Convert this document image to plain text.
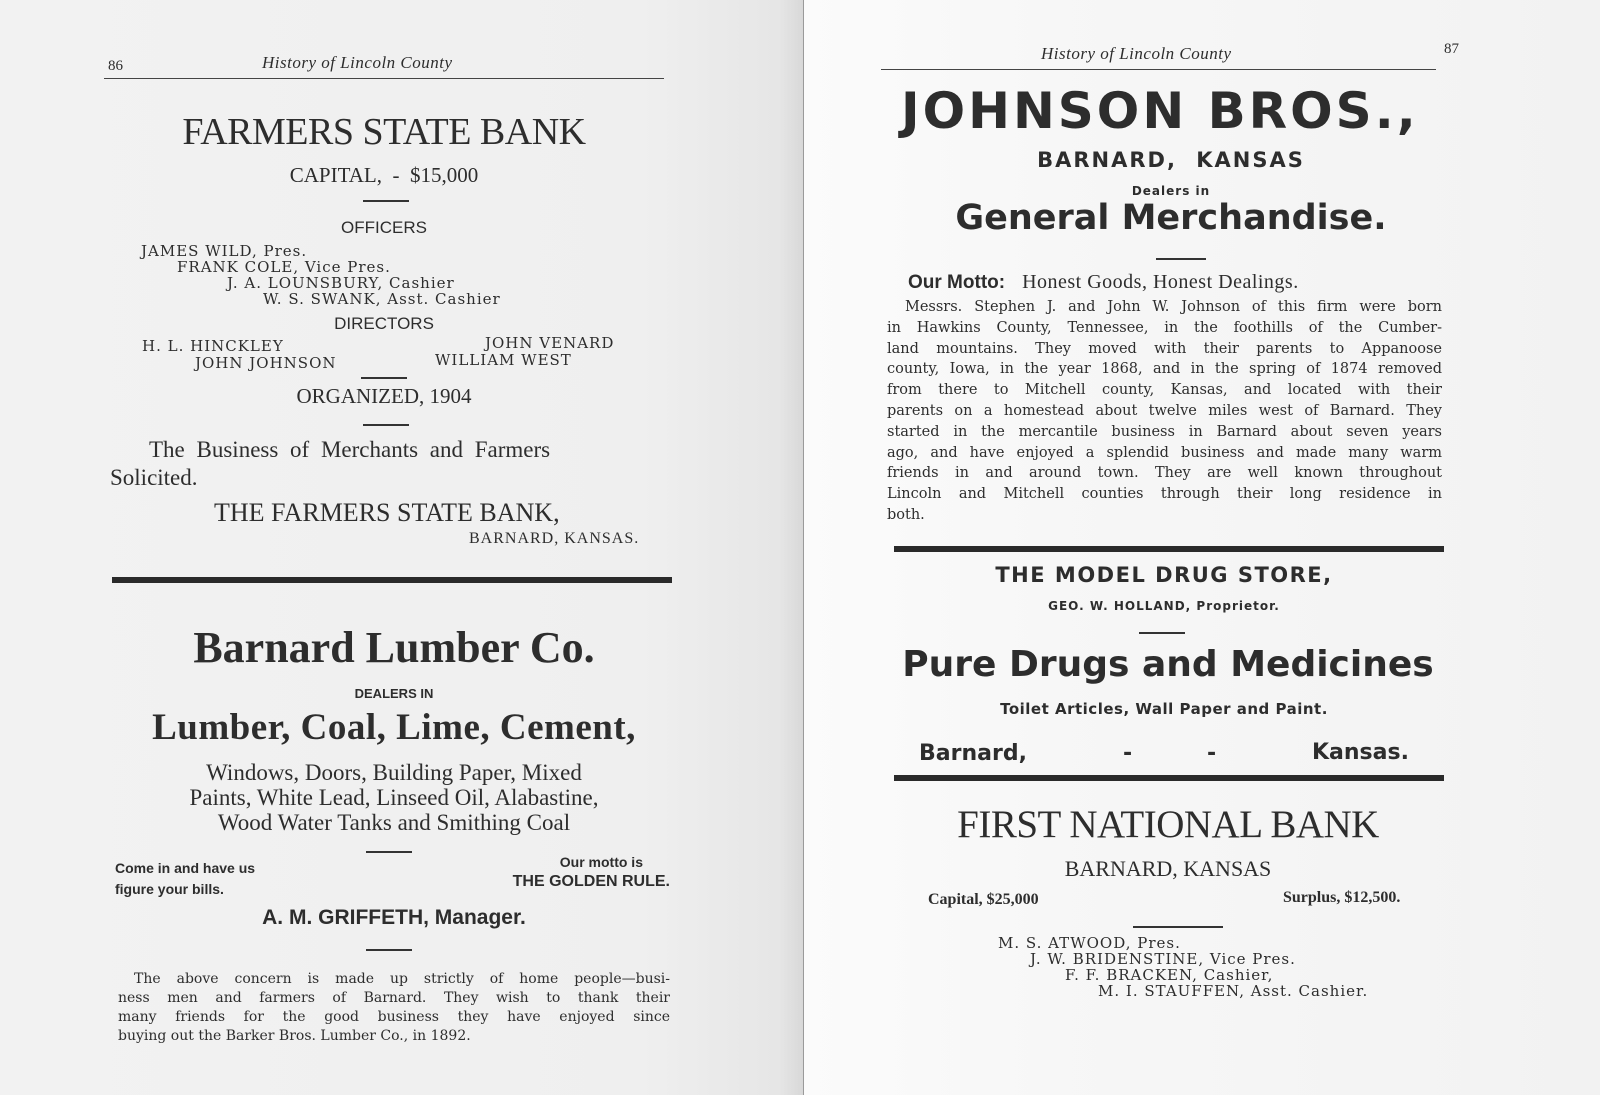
86	History of Lincoln County
FARMERS STATE BANK
CAPITAL,  -  $15,000
OFFICERS
JAMES WILD, Pres.
FRANK COLE, Vice Pres.
J. A. LOUNSBURY, Cashier
W. S. SWANK, Asst. Cashier
DIRECTORS
H. L. HINCKLEY	JOHN VENARD
JOHN JOHNSON	WILLIAM WEST
ORGANIZED, 1904
The Business of Merchants and Farmers
Solicited.
THE FARMERS STATE BANK,
BARNARD, KANSAS.
Barnard Lumber Co.
DEALERS IN
Lumber, Coal, Lime, Cement,
Windows, Doors, Building Paper, Mixed
Paints, White Lead, Linseed Oil, Alabastine,
Wood Water Tanks and Smithing Coal
Come in and have us
figure your bills.
Our motto is
THE GOLDEN RULE.
A. M. GRIFFETH, Manager.
The above concern is made up strictly of home people—busi-
ness men and farmers of Barnard. They wish to thank their
many friends for the good business they have enjoyed since
buying out the Barker Bros. Lumber Co., in 1892.
History of Lincoln County	87
JOHNSON BROS.,
BARNARD, KANSAS
Dealers in
General Merchandise.
Our Motto: Honest Goods, Honest Dealings.
Messrs. Stephen J. and John W. Johnson of this firm were born
in Hawkins County, Tennessee, in the foothills of the Cumber-
land mountains. They moved with their parents to Appanoose
county, Iowa, in the year 1868, and in the spring of 1874 removed
from there to Mitchell county, Kansas, and located with their
parents on a homestead about twelve miles west of Barnard. They
started in the mercantile business in Barnard about seven years
ago, and have enjoyed a splendid business and made many warm
friends in and around town. They are well known throughout
Lincoln and Mitchell counties through their long residence in
both.
THE MODEL DRUG STORE,
GEO. W. HOLLAND, Proprietor.
Pure Drugs and Medicines
Toilet Articles, Wall Paper and Paint.
Barnard,	-	-	Kansas.
FIRST NATIONAL BANK
BARNARD, KANSAS
Capital, $25,000	Surplus, $12,500.
M. S. ATWOOD, Pres.
J. W. BRIDENSTINE, Vice Pres.
F. F. BRACKEN, Cashier,
M. I. STAUFFEN, Asst. Cashier.
